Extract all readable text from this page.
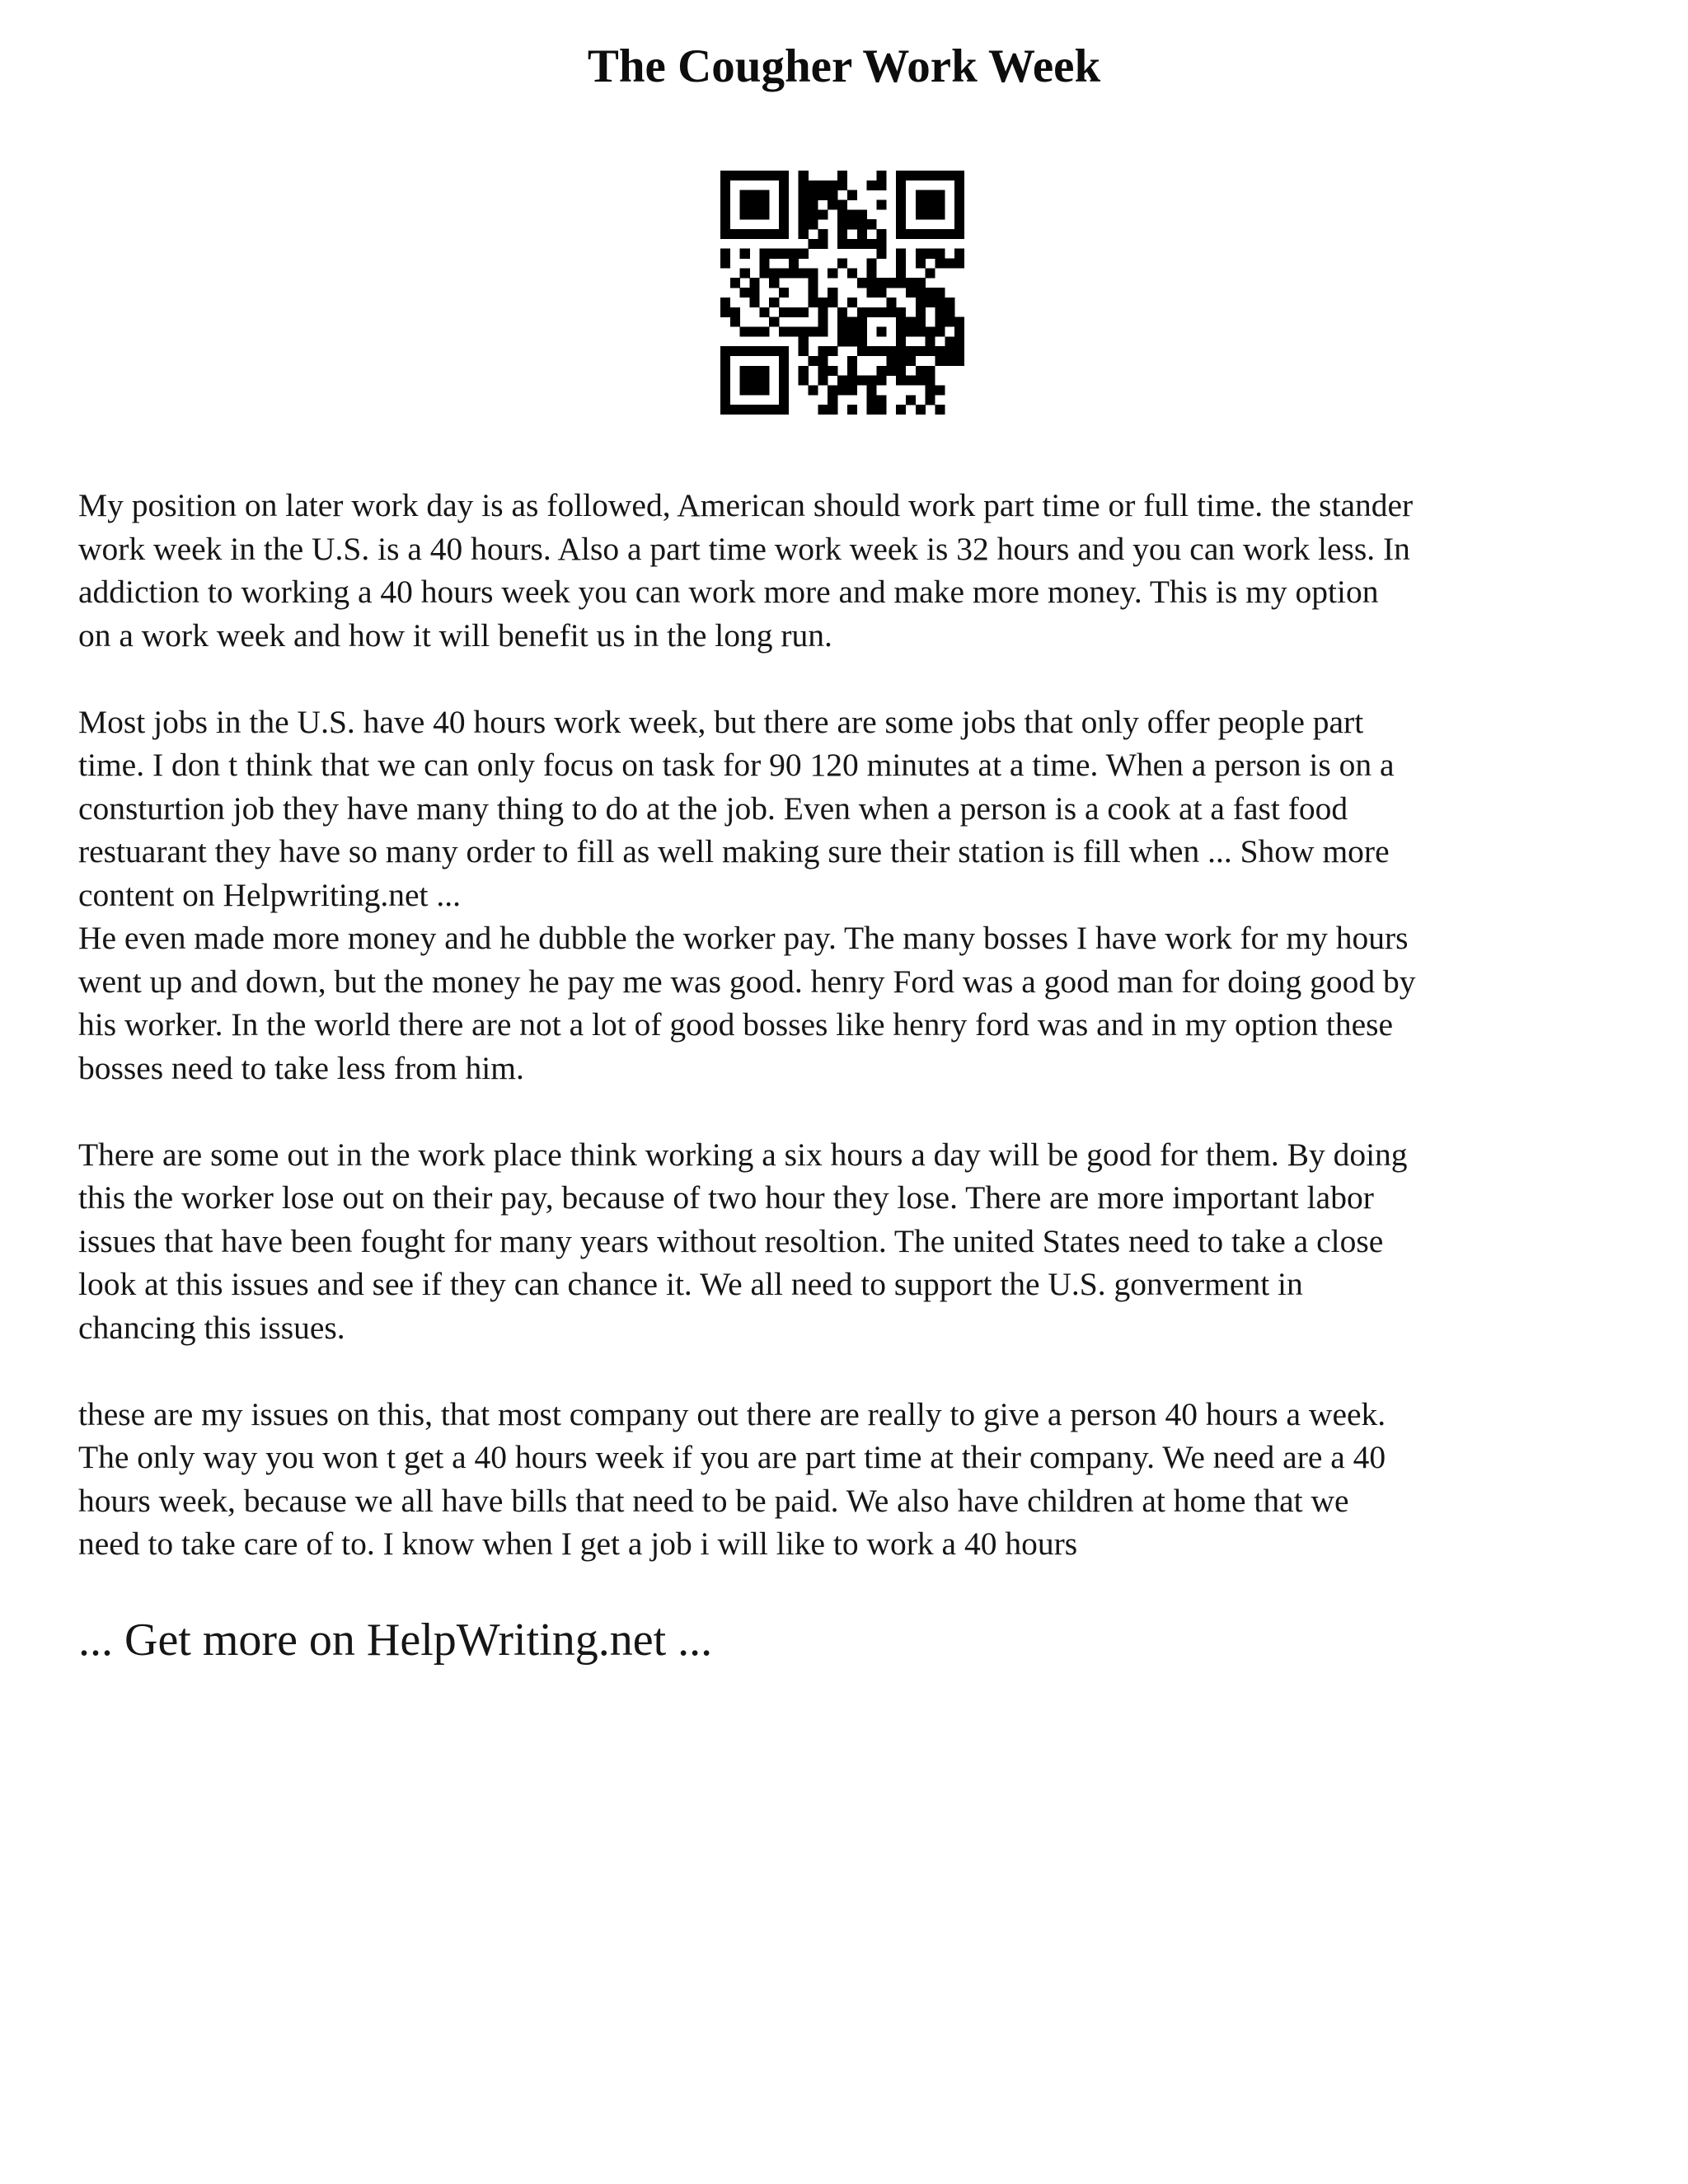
The Cougher Work Week

My position on later work day is as followed, American should work part time or full time. the stander
work week in the U.S. is a 40 hours. Also a part time work week is 32 hours and you can work less. In
addiction to working a 40 hours week you can work more and make more money. This is my option
on a work week and how it will benefit us in the long run.

Most jobs in the U.S. have 40 hours work week, but there are some jobs that only offer people part
time. I don t think that we can only focus on task for 90 120 minutes at a time. When a person is on a
consturtion job they have many thing to do at the job. Even when a person is a cook at a fast food
restuarant they have so many order to fill as well making sure their station is fill when ... Show more
content on Helpwriting.net ...

He even made more money and he dubble the worker pay. The many bosses I have work for my hours
went up and down, but the money he pay me was good. henry Ford was a good man for doing good by
his worker. In the world there are not a lot of good bosses like henry ford was and in my option these
bosses need to take less from him.

There are some out in the work place think working a six hours a day will be good for them. By doing
this the worker lose out on their pay, because of two hour they lose. There are more important labor
issues that have been fought for many years without resoltion. The united States need to take a close
look at this issues and see if they can chance it. We all need to support the U.S. gonverment in
chancing this issues.

these are my issues on this, that most company out there are really to give a person 40 hours a week.
The only way you won t get a 40 hours week if you are part time at their company. We need are a 40
hours week, because we all have bills that need to be paid. We also have children at home that we
need to take care of to. I know when I get a job i will like to work a 40 hours

... Get more on HelpWriting.net ...
